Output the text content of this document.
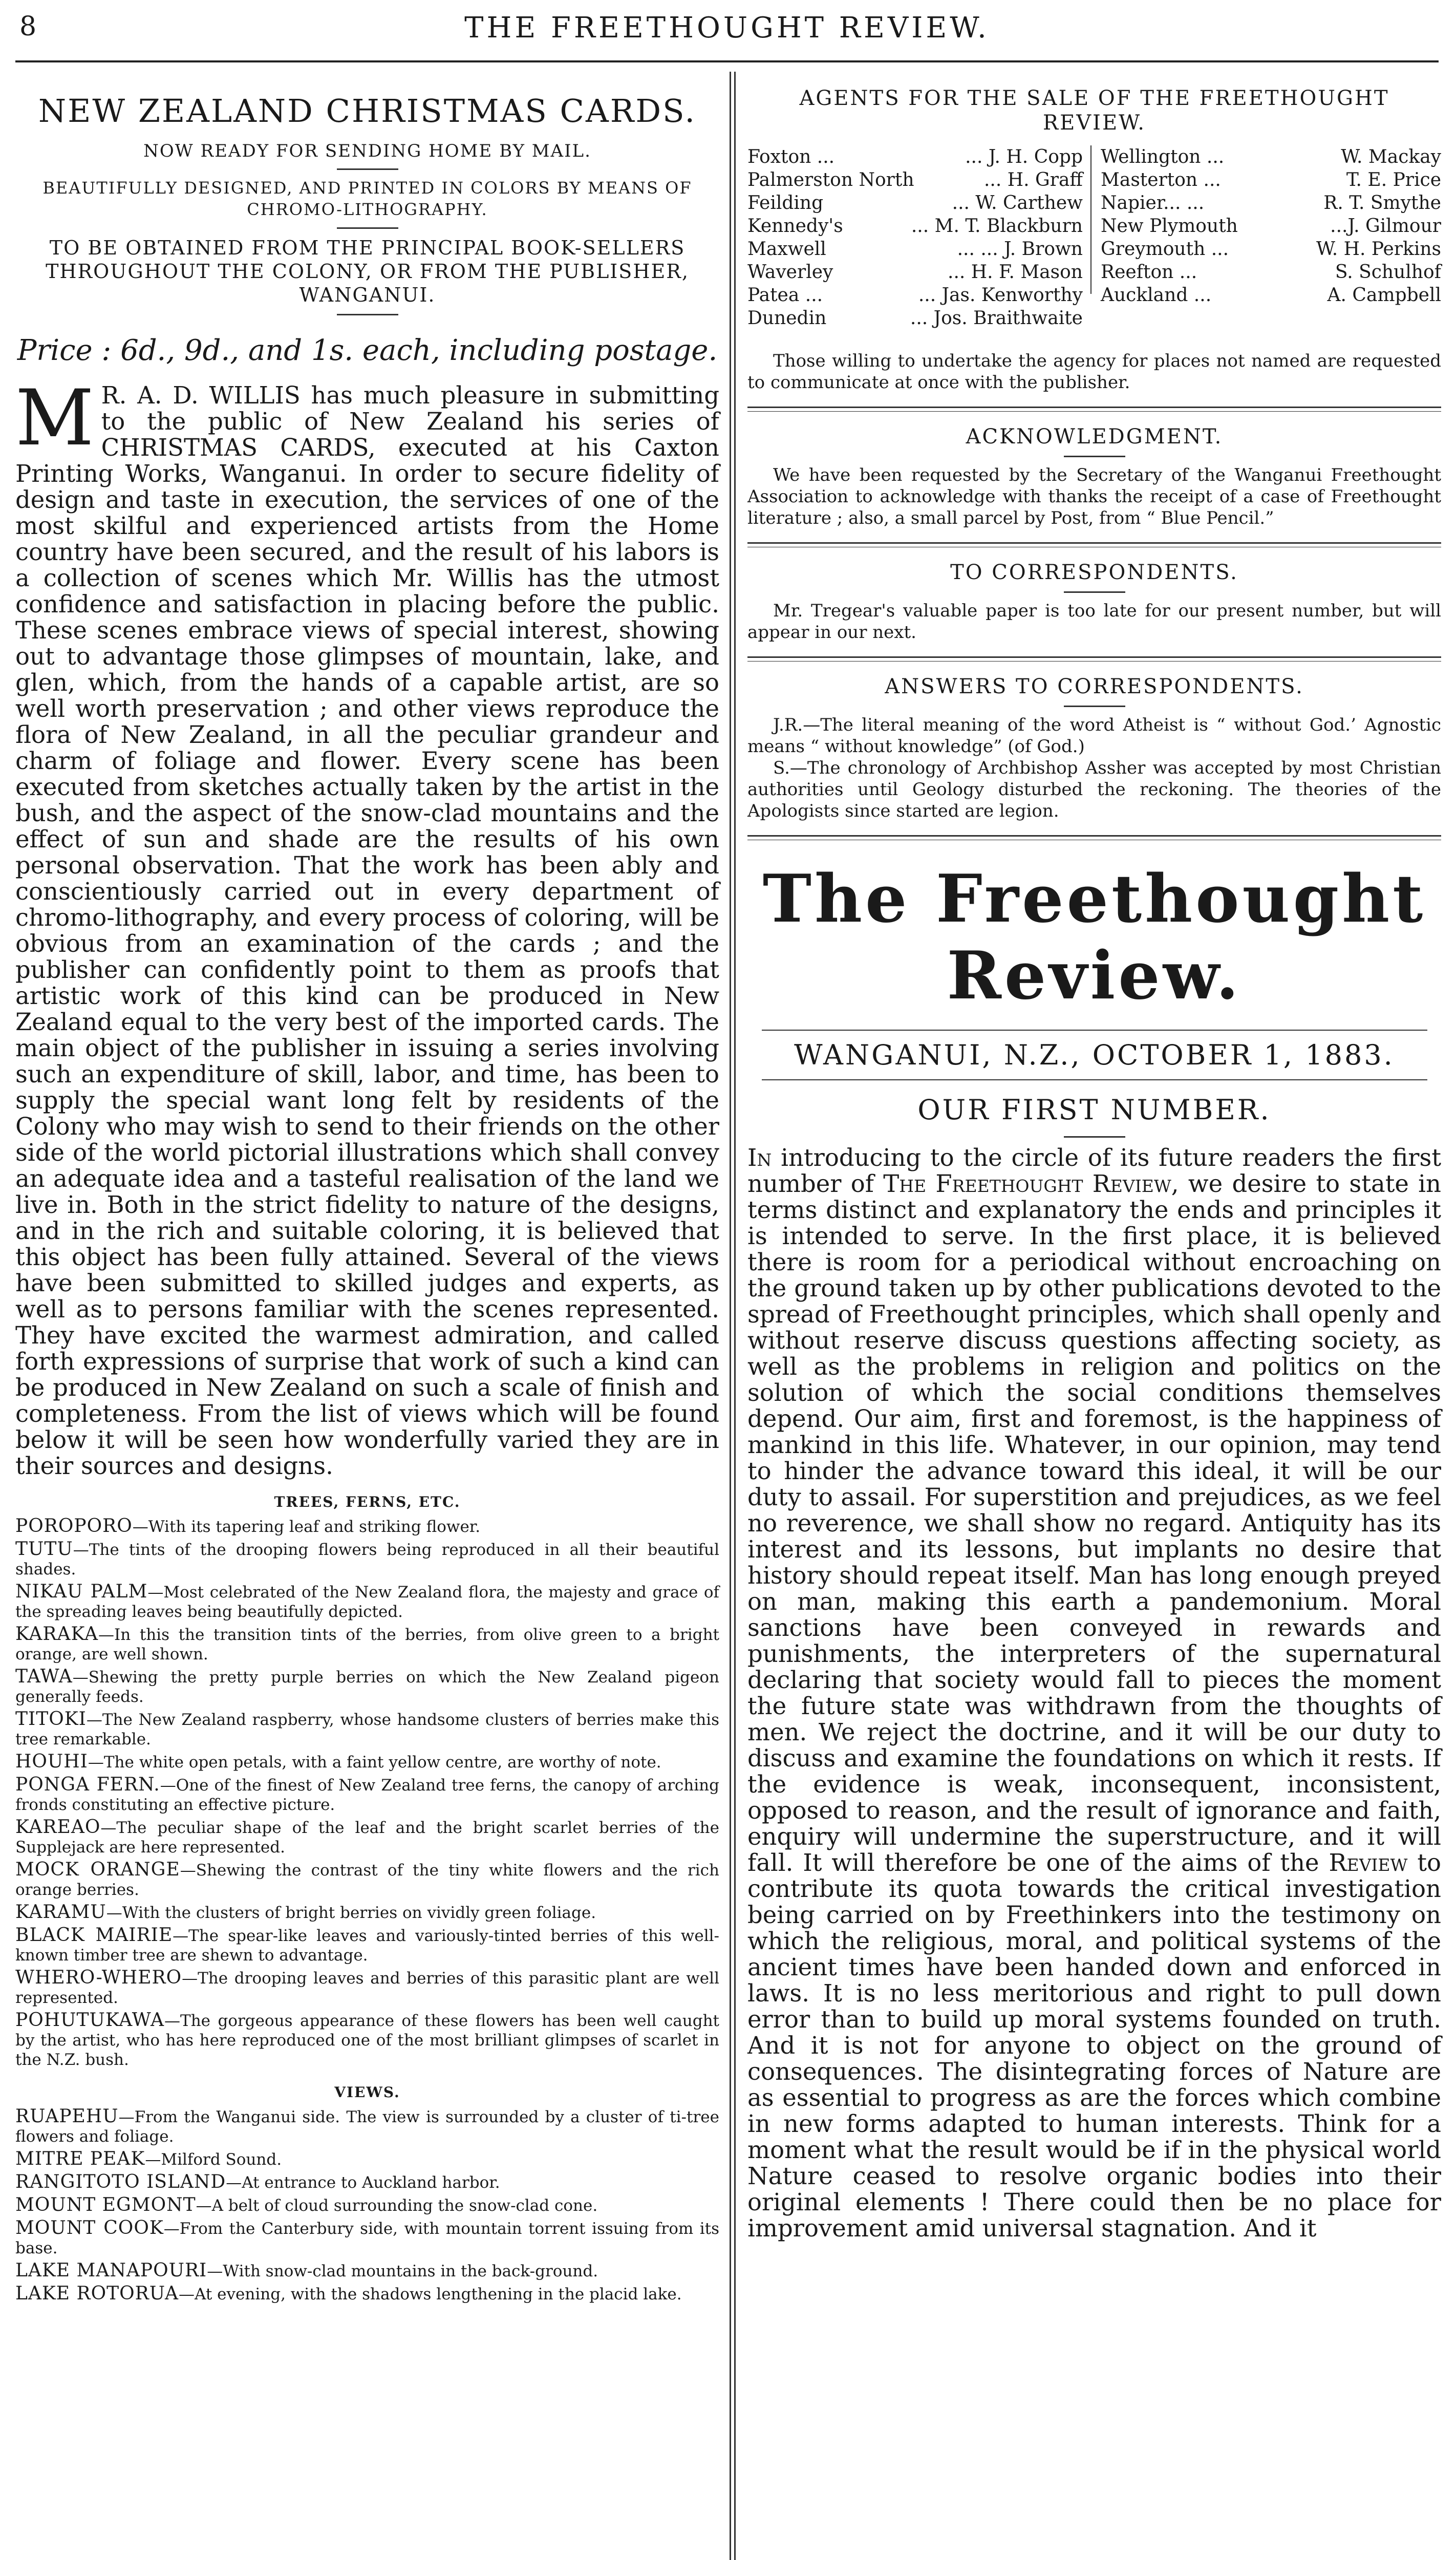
8	THE FREETHOUGHT REVIEW.
NEW ZEALAND CHRISTMAS CARDS.
NOW READY FOR SENDING HOME BY MAIL.
BEAUTIFULLY DESIGNED, AND PRINTED IN COLORS BY MEANS OF CHROMO-LITHOGRAPHY.
TO BE OBTAINED FROM THE PRINCIPAL BOOK-SELLERS THROUGHOUT THE COLONY, OR FROM THE PUBLISHER, WANGANUI.
Price : 6d., 9d., and 1s. each, including postage.
M R. A. D. WILLIS has much pleasure in submitting to the public of New Zealand his series of CHRISTMAS CARDS, executed at his Caxton Printing Works, Wanganui. In order to secure fidelity of design and taste in execution, the services of one of the most skilful and experienced artists from the Home country have been secured, and the result of his labors is a collection of scenes which Mr. Willis has the utmost confidence and satisfaction in placing before the public. These scenes embrace views of special interest, showing out to advantage those glimpses of mountain, lake, and glen, which, from the hands of a capable artist, are so well worth preservation ; and other views reproduce the flora of New Zealand, in all the peculiar grandeur and charm of foliage and flower. Every scene has been executed from sketches actually taken by the artist in the bush, and the aspect of the snow-clad mountains and the effect of sun and shade are the results of his own personal observation. That the work has been ably and conscientiously carried out in every department of chromo-lithography, and every process of coloring, will be obvious from an examination of the cards ; and the publisher can confidently point to them as proofs that artistic work of this kind can be produced in New Zealand equal to the very best of the imported cards. The main object of the publisher in issuing a series involving such an expenditure of skill, labor, and time, has been to supply the special want long felt by residents of the Colony who may wish to send to their friends on the other side of the world pictorial illustrations which shall convey an adequate idea and a tasteful realisation of the land we live in. Both in the strict fidelity to nature of the designs, and in the rich and suitable coloring, it is believed that this object has been fully attained. Several of the views have been submitted to skilled judges and experts, as well as to persons familiar with the scenes represented. They have excited the warmest admiration, and called forth expressions of surprise that work of such a kind can be produced in New Zealand on such a scale of finish and completeness. From the list of views which will be found below it will be seen how wonderfully varied they are in their sources and designs.
TREES, FERNS, ETC.
POROPORO—With its tapering leaf and striking flower.
TUTU—The tints of the drooping flowers being reproduced in all their beautiful shades.
NIKAU PALM—Most celebrated of the New Zealand flora, the majesty and grace of the spreading leaves being beautifully depicted.
KARAKA—In this the transition tints of the berries, from olive green to a bright orange, are well shown.
TAWA—Shewing the pretty purple berries on which the New Zealand pigeon generally feeds.
TITOKI—The New Zealand raspberry, whose handsome clusters of berries make this tree remarkable.
HOUHI—The white open petals, with a faint yellow centre, are worthy of note.
PONGA FERN.—One of the finest of New Zealand tree ferns, the canopy of arching fronds constituting an effective picture.
KAREAO—The peculiar shape of the leaf and the bright scarlet berries of the Supplejack are here represented.
MOCK ORANGE—Shewing the contrast of the tiny white flowers and the rich orange berries.
KARAMU—With the clusters of bright berries on vividly green foliage.
BLACK MAIRIE—The spear-like leaves and variously-tinted berries of this well-known timber tree are shewn to advantage.
WHERO-WHERO—The drooping leaves and berries of this parasitic plant are well represented.
POHUTUKAWA—The gorgeous appearance of these flowers has been well caught by the artist, who has here reproduced one of the most brilliant glimpses of scarlet in the N.Z. bush.
VIEWS.
RUAPEHU—From the Wanganui side. The view is surrounded by a cluster of ti-tree flowers and foliage.
MITRE PEAK—Milford Sound.
RANGITOTO ISLAND—At entrance to Auckland harbor.
MOUNT EGMONT—A belt of cloud surrounding the snow-clad cone.
MOUNT COOK—From the Canterbury side, with mountain torrent issuing from its base.
LAKE MANAPOURI—With snow-clad mountains in the back-ground.
LAKE ROTORUA—At evening, with the shadows lengthening in the placid lake.
AGENTS FOR THE SALE OF THE FREETHOUGHT REVIEW.
Foxton ...	... J. H. Copp
Palmerston North	... H. Graff
Feilding	... W. Carthew
Kennedy's	... M. T. Blackburn
Maxwell	... ... J. Brown
Waverley	... H. F. Mason
Patea ...	... Jas. Kenworthy
Dunedin	... Jos. Braithwaite
Wellington ...	W. Mackay
Masterton ...	T. E. Price
Napier... ...	R. T. Smythe
New Plymouth	...J. Gilmour
Greymouth ...	W. H. Perkins
Reefton ...	S. Schulhof
Auckland ...	A. Campbell
Those willing to undertake the agency for places not named are requested to communicate at once with the publisher.
ACKNOWLEDGMENT.
We have been requested by the Secretary of the Wanganui Freethought Association to acknowledge with thanks the receipt of a case of Freethought literature ; also, a small parcel by Post, from “ Blue Pencil.”
TO CORRESPONDENTS.
Mr. Tregear's valuable paper is too late for our present number, but will appear in our next.
ANSWERS TO CORRESPONDENTS.
J.R.—The literal meaning of the word Atheist is “ without God.’ Agnostic means “ without knowledge” (of God.)
S.—The chronology of Archbishop Assher was accepted by most Christian authorities until Geology disturbed the reckoning. The theories of the Apologists since started are legion.
The Freethought Review.
WANGANUI, N.Z., OCTOBER 1, 1883.
OUR FIRST NUMBER.
In introducing to the circle of its future readers the first number of The Freethought Review, we desire to state in terms distinct and explanatory the ends and principles it is intended to serve. In the first place, it is believed there is room for a periodical without encroaching on the ground taken up by other publications devoted to the spread of Freethought principles, which shall openly and without reserve discuss questions affecting society, as well as the problems in religion and politics on the solution of which the social conditions themselves depend. Our aim, first and foremost, is the happiness of mankind in this life. Whatever, in our opinion, may tend to hinder the advance toward this ideal, it will be our duty to assail. For superstition and prejudices, as we feel no reverence, we shall show no regard. Antiquity has its interest and its lessons, but implants no desire that history should repeat itself. Man has long enough preyed on man, making this earth a pandemonium. Moral sanctions have been conveyed in rewards and punishments, the interpreters of the supernatural declaring that society would fall to pieces the moment the future state was withdrawn from the thoughts of men. We reject the doctrine, and it will be our duty to discuss and examine the foundations on which it rests. If the evidence is weak, inconsequent, inconsistent, opposed to reason, and the result of ignorance and faith, enquiry will undermine the superstructure, and it will fall. It will therefore be one of the aims of the Review to contribute its quota towards the critical investigation being carried on by Freethinkers into the testimony on which the religious, moral, and political systems of the ancient times have been handed down and enforced in laws. It is no less meritorious and right to pull down error than to build up moral systems founded on truth. And it is not for anyone to object on the ground of consequences. The disintegrating forces of Nature are as essential to progress as are the forces which combine in new forms adapted to human interests. Think for a moment what the result would be if in the physical world Nature ceased to resolve organic bodies into their original elements ! There could then be no place for improvement amid universal stagnation. And it
